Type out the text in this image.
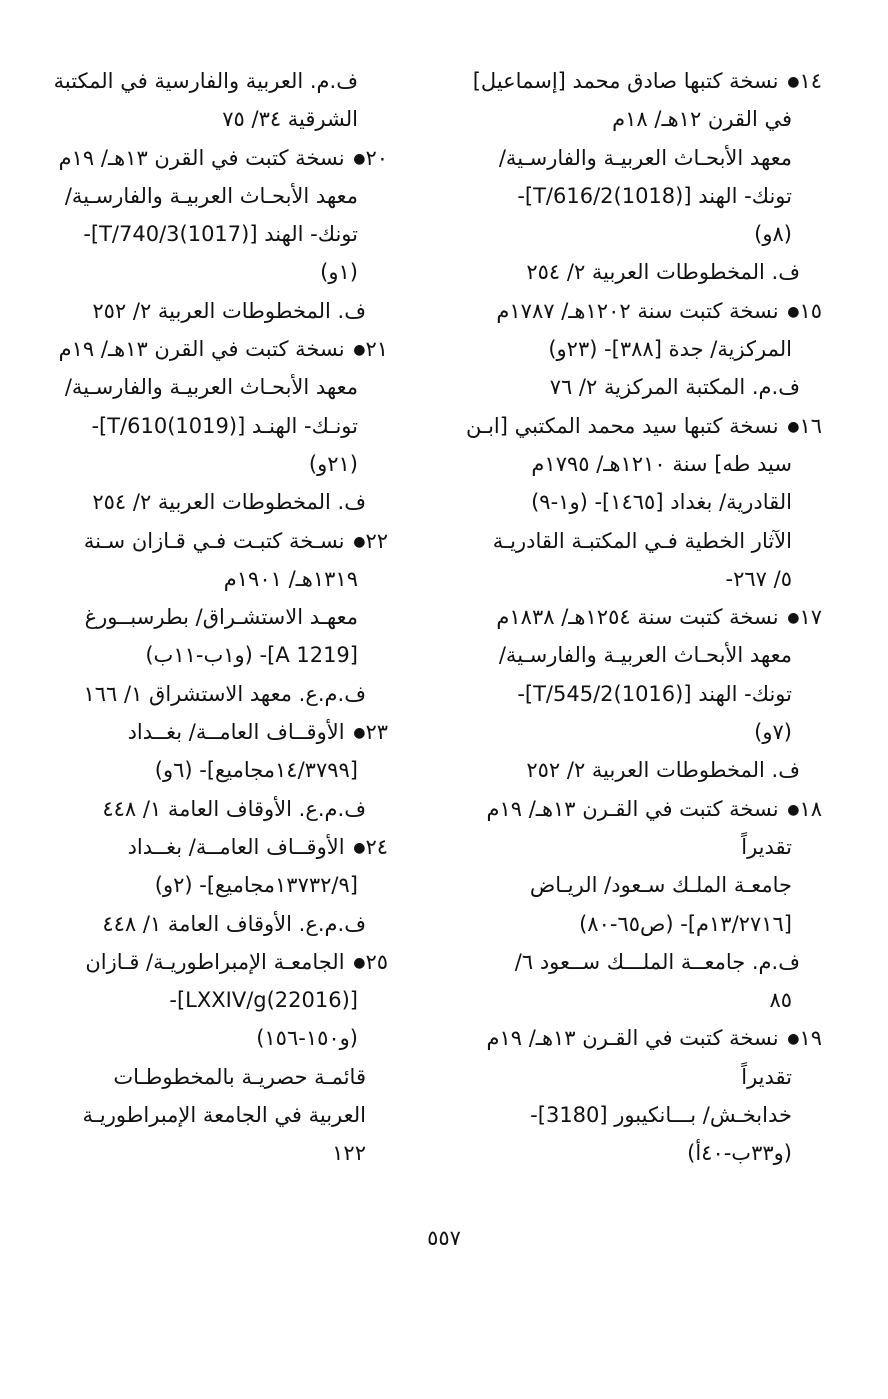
١٤● نسخة كتبها صادق محمد [إسماعيل]
في القرن ١٢هـ/ ١٨م
معهد الأبحـاث العربيـة والفارسـية/
تونك- الهند [T/616/2(1018)]-
(٨و)
ف. المخطوطات العربية ٢/ ٢٥٤
١٥● نسخة كتبت سنة ١٢٠٢هـ/ ١٧٨٧م
المركزية/ جدة [٣٨٨]- (٢٣و)
ف.م. المكتبة المركزية ٢/ ٧٦
١٦● نسخة كتبها سيد محمد المكتبي [ابـن
سيد طه] سنة ١٢١٠هـ/ ١٧٩٥م
القادرية/ بغداد [١٤٦٥]- (و١-٩)
الآثار الخطية فـي المكتبـة القادريـة
٥/ ٢٦٧-
١٧● نسخة كتبت سنة ١٢٥٤هـ/ ١٨٣٨م
معهد الأبحـاث العربيـة والفارسـية/
تونك- الهند [T/545/2(1016)]-
(٧و)
ف. المخطوطات العربية ٢/ ٢٥٢
١٨● نسخة كتبت في القـرن ١٣هـ/ ١٩م
تقديراً
جامعـة الملـك سـعود/ الريـاض
[١٣/٢٧١٦م]- (ص٦٥-٨٠)
ف.م. جامعــة الملـــك ســعود ٦/
٨٥
١٩● نسخة كتبت في القـرن ١٣هـ/ ١٩م
تقديراً
خدابخـش/ بـــانكيبور [3180]-
(و٣٣ب-٤٠أ)
ف.م. العربية والفارسية في المكتبة
الشرقية ٣٤/ ٧٥
٢٠● نسخة كتبت في القرن ١٣هـ/ ١٩م
معهد الأبحـاث العربيـة والفارسـية/
تونك- الهند [T/740/3(1017)]-
(١و)
ف. المخطوطات العربية ٢/ ٢٥٢
٢١● نسخة كتبت في القرن ١٣هـ/ ١٩م
معهد الأبحـاث العربيـة والفارسـية/
تونـك- الهنـد [T/610(1019)]-
(٢١و)
ف. المخطوطات العربية ٢/ ٢٥٤
٢٢● نسـخة كتبـت فـي قـازان سـنة
١٣١٩هـ/ ١٩٠١م
معهـد الاستشـراق/ بطرسبــورغ
[A 1219]- (و١ب-١١ب)
ف.م.ع. معهد الاستشراق ١/ ١٦٦
٢٣● الأوقــاف العامــة/ بغــداد
[١٤/٣٧٩٩مجاميع]- (٦و)
ف.م.ع. الأوقاف العامة ١/ ٤٤٨
٢٤● الأوقــاف العامــة/ بغــداد
[١٣٧٣٢/٩مجاميع]- (٢و)
ف.م.ع. الأوقاف العامة ١/ ٤٤٨
٢٥● الجامعـة الإمبراطوريـة/ قـازان
[LXXIV/g(22016)]-
(و١٥٠-١٥٦)
قائمـة حصريـة بالمخطوطـات
العربية في الجامعة الإمبراطوريـة
١٢٢
٥٥٧
